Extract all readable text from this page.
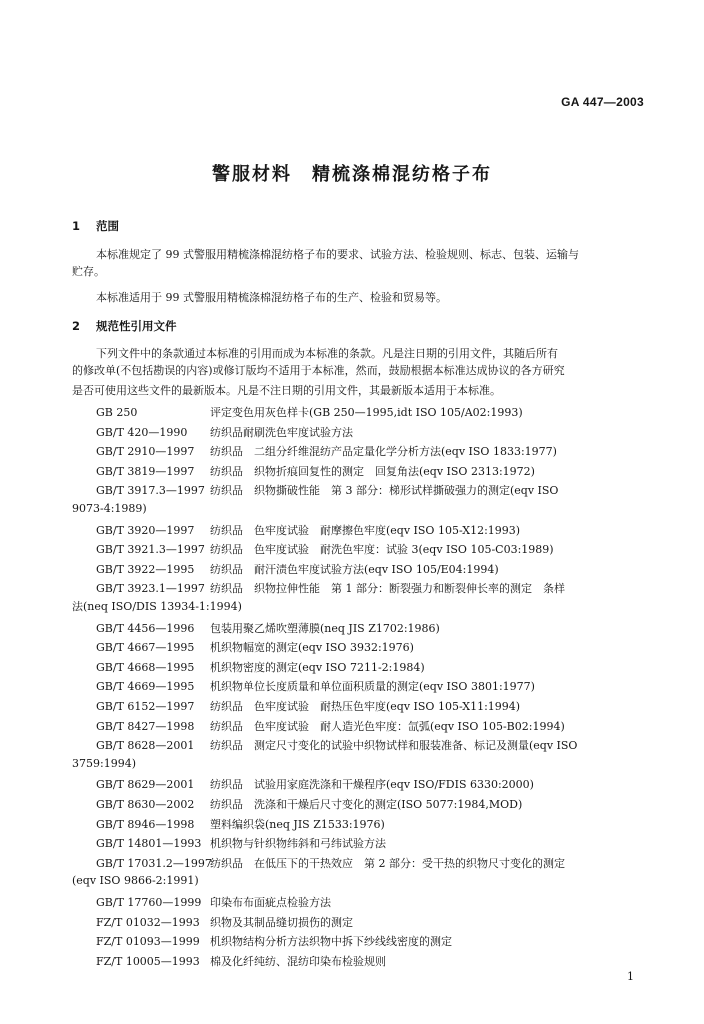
GA 447—2003
警服材料　精梳涤棉混纺格子布
1 范围
本标准规定了 99 式警服用精梳涤棉混纺格子布的要求、试验方法、检验规则、标志、包装、运输与
贮存。
本标准适用于 99 式警服用精梳涤棉混纺格子布的生产、检验和贸易等。
2 规范性引用文件
下列文件中的条款通过本标准的引用而成为本标准的条款。凡是注日期的引用文件，其随后所有
的修改单(不包括勘误的内容)或修订版均不适用于本标准，然而，鼓励根据本标准达成协议的各方研究
是否可使用这些文件的最新版本。凡是不注日期的引用文件，其最新版本适用于本标准。
GB 250	评定变色用灰色样卡(GB 250—1995,idt ISO 105/A02:1993)
GB/T 420—1990 纺织品耐刷洗色牢度试验方法
GB/T 2910—1997 纺织品　二组分纤维混纺产品定量化学分析方法(eqv ISO 1833:1977)
GB/T 3819—1997 纺织品　织物折痕回复性的测定　回复角法(eqv ISO 2313:1972)
GB/T 3917.3—1997 纺织品　织物撕破性能　第 3 部分：梯形试样撕破强力的测定(eqv ISO
9073-4:1989)
GB/T 3920—1997 纺织品　色牢度试验　耐摩擦色牢度(eqv ISO 105-X12:1993)
GB/T 3921.3—1997 纺织品　色牢度试验　耐洗色牢度：试验 3(eqv ISO 105-C03:1989)
GB/T 3922—1995 纺织品　耐汗渍色牢度试验方法(eqv ISO 105/E04:1994)
GB/T 3923.1—1997 纺织品　织物拉伸性能　第 1 部分：断裂强力和断裂伸长率的测定　条样
法(neq ISO/DIS 13934-1:1994)
GB/T 4456—1996 包装用聚乙烯吹塑薄膜(neq JIS Z1702:1986)
GB/T 4667—1995 机织物幅宽的测定(eqv ISO 3932:1976)
GB/T 4668—1995 机织物密度的测定(eqv ISO 7211-2:1984)
GB/T 4669—1995 机织物单位长度质量和单位面积质量的测定(eqv ISO 3801:1977)
GB/T 6152—1997 纺织品　色牢度试验　耐热压色牢度(eqv ISO 105-X11:1994)
GB/T 8427—1998 纺织品　色牢度试验　耐人造光色牢度：氙弧(eqv ISO 105-B02:1994)
GB/T 8628—2001 纺织品　测定尺寸变化的试验中织物试样和服装准备、标记及测量(eqv ISO
3759:1994)
GB/T 8629—2001 纺织品　试验用家庭洗涤和干燥程序(eqv ISO/FDIS 6330:2000)
GB/T 8630—2002 纺织品　洗涤和干燥后尺寸变化的测定(ISO 5077:1984,MOD)
GB/T 8946—1998 塑料编织袋(neq JIS Z1533:1976)
GB/T 14801—1993 机织物与针织物纬斜和弓纬试验方法
GB/T 17031.2—1997纺织品　在低压下的干热效应　第 2 部分：受干热的织物尺寸变化的测定
(eqv ISO 9866-2:1991)
GB/T 17760—1999 印染布布面疵点检验方法
FZ/T 01032—1993 织物及其制品缝切损伤的测定
FZ/T 01093—1999 机织物结构分析方法织物中拆下纱线线密度的测定
FZ/T 10005—1993 棉及化纤纯纺、混纺印染布检验规则
1
